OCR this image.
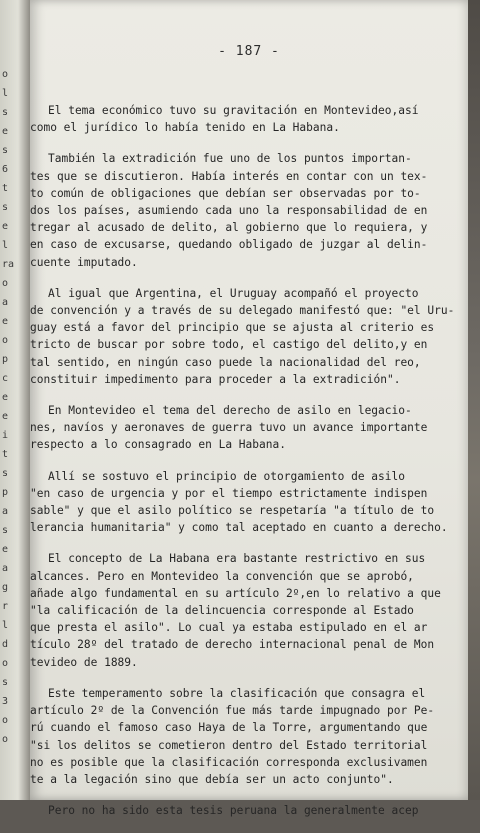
o
l
s
e
s
6
t
s
e
l
ra
o
a
e
o
p
c
e
e
i
t
s
p
a
s
e
a
g
r
l
d
o
s
3
o
o
- 187 -
El tema económico tuvo su gravitación en Montevideo,así
como el jurídico lo había tenido en La Habana.
También la extradición fue uno de los puntos importan-
tes que se discutieron. Había interés en contar con un tex-
to común de obligaciones que debían ser observadas por to-
dos los países, asumiendo cada uno la responsabilidad de en
tregar al acusado de delito, al gobierno que lo requiera, y
en caso de excusarse, quedando obligado de juzgar al delin-
cuente imputado.
Al igual que Argentina, el Uruguay acompañó el proyecto
de convención y a través de su delegado manifestó que: "el Uru-
guay está a favor del principio que se ajusta al criterio es
tricto de buscar por sobre todo, el castigo del delito,y en
tal sentido, en ningún caso puede la nacionalidad del reo,
constituir impedimento para proceder a la extradición".
En Montevideo el tema del derecho de asilo en legacio-
nes, navíos y aeronaves de guerra tuvo un avance importante
respecto a lo consagrado en La Habana.
Allí se sostuvo el principio de otorgamiento de asilo
"en caso de urgencia y por el tiempo estrictamente indispen
sable" y que el asilo político se respetaría "a título de to
lerancia humanitaria" y como tal aceptado en cuanto a derecho.
El concepto de La Habana era bastante restrictivo en sus
alcances. Pero en Montevideo la convención que se aprobó,
añade algo fundamental en su artículo 2º,en lo relativo a que
"la calificación de la delincuencia corresponde al Estado
que presta el asilo". Lo cual ya estaba estipulado en el ar
tículo 28º del tratado de derecho internacional penal de Mon
tevideo de 1889.
Este temperamento sobre la clasificación que consagra el
artículo 2º de la Convención fue más tarde impugnado por Pe-
rú cuando el famoso caso Haya de la Torre, argumentando que
"si los delitos se cometieron dentro del Estado territorial
no es posible que la clasificación corresponda exclusivamen
te a la legación sino que debía ser un acto conjunto".
Pero no ha sido esta tesis peruana la generalmente acep
